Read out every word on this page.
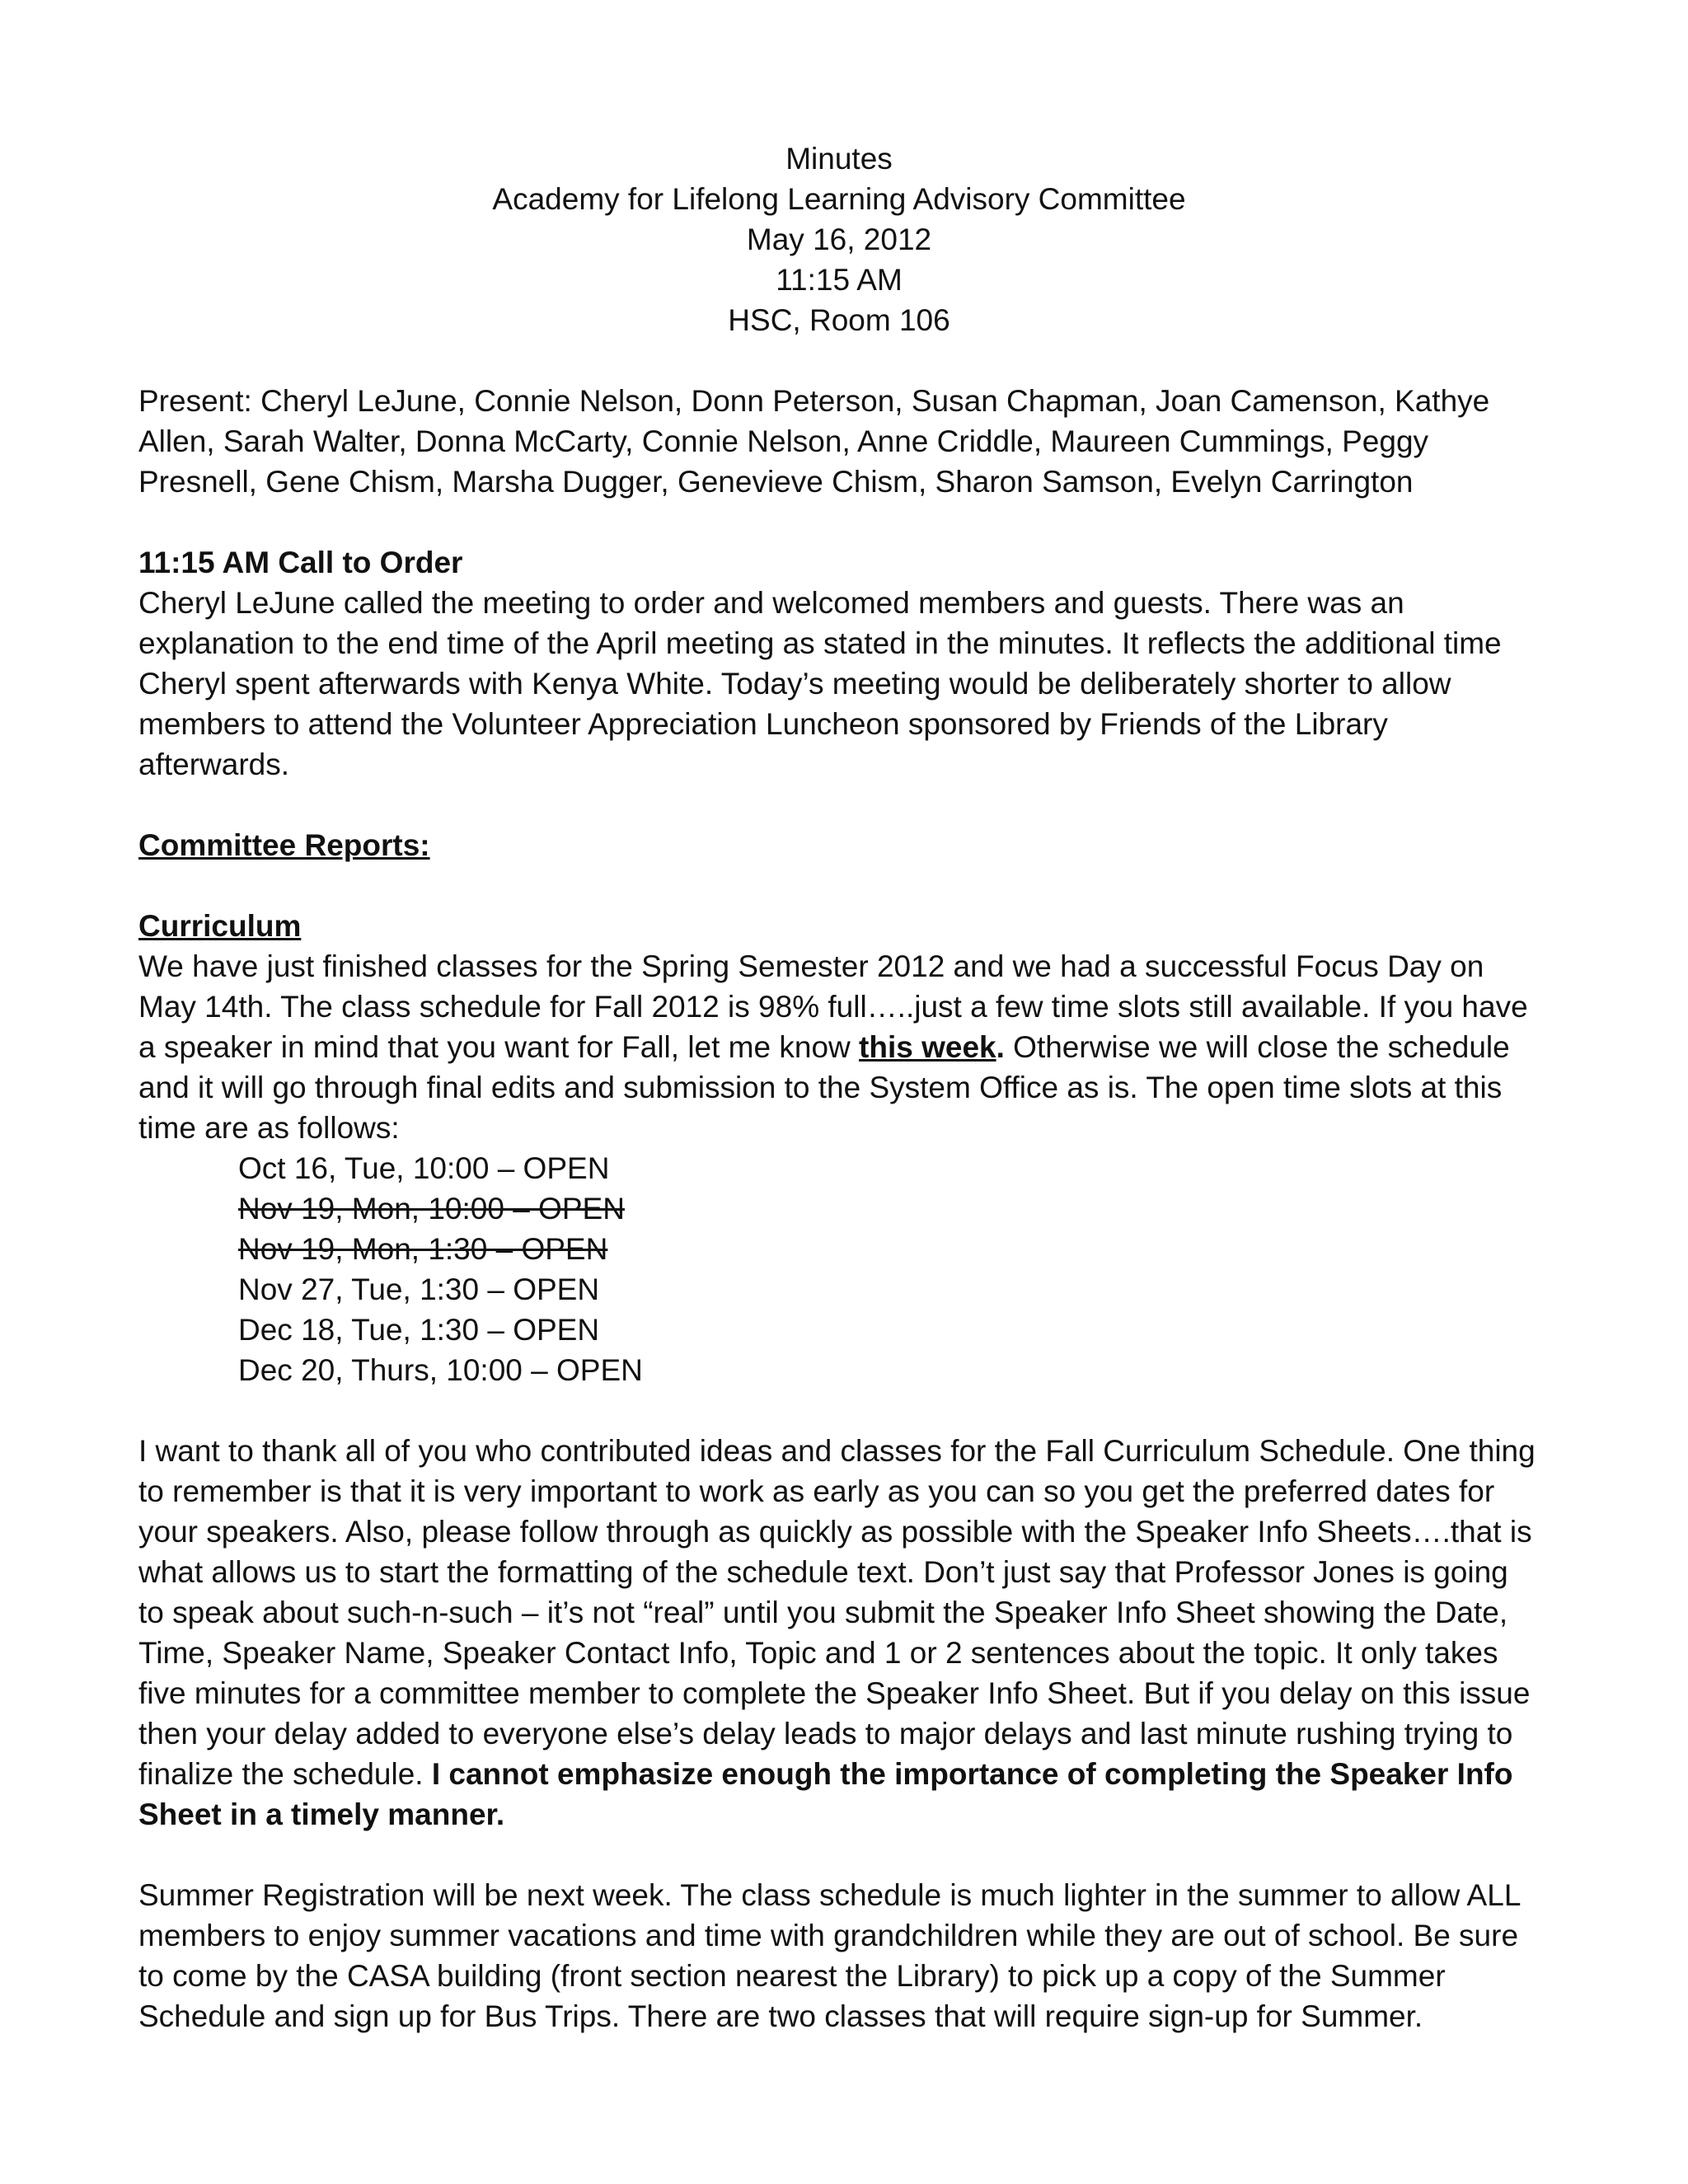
Minutes
Academy for Lifelong Learning Advisory Committee
May 16, 2012
11:15 AM
HSC, Room 106

Present: Cheryl LeJune, Connie Nelson, Donn Peterson, Susan Chapman, Joan Camenson, Kathye Allen, Sarah Walter, Donna McCarty, Connie Nelson, Anne Criddle, Maureen Cummings, Peggy Presnell, Gene Chism, Marsha Dugger, Genevieve Chism, Sharon Samson, Evelyn Carrington

11:15 AM Call to Order

Cheryl LeJune called the meeting to order and welcomed members and guests. There was an explanation to the end time of the April meeting as stated in the minutes. It reflects the additional time Cheryl spent afterwards with Kenya White. Today’s meeting would be deliberately shorter to allow members to attend the Volunteer Appreciation Luncheon sponsored by Friends of the Library afterwards.

Committee Reports:

Curriculum

We have just finished classes for the Spring Semester 2012 and we had a successful Focus Day on May 14th. The class schedule for Fall 2012 is 98% full…..just a few time slots still available. If you have a speaker in mind that you want for Fall, let me know this week. Otherwise we will close the schedule and it will go through final edits and submission to the System Office as is. The open time slots at this time are as follows:

Oct 16, Tue, 10:00 – OPEN
Nov 19, Mon, 10:00 – OPEN
Nov 19, Mon, 1:30 – OPEN
Nov 27, Tue, 1:30 – OPEN
Dec 18, Tue, 1:30 – OPEN
Dec 20, Thurs, 10:00 – OPEN

I want to thank all of you who contributed ideas and classes for the Fall Curriculum Schedule. One thing to remember is that it is very important to work as early as you can so you get the preferred dates for your speakers. Also, please follow through as quickly as possible with the Speaker Info Sheets….that is what allows us to start the formatting of the schedule text. Don’t just say that Professor Jones is going to speak about such-n-such – it’s not “real” until you submit the Speaker Info Sheet showing the Date, Time, Speaker Name, Speaker Contact Info, Topic and 1 or 2 sentences about the topic. It only takes five minutes for a committee member to complete the Speaker Info Sheet. But if you delay on this issue then your delay added to everyone else’s delay leads to major delays and last minute rushing trying to finalize the schedule. I cannot emphasize enough the importance of completing the Speaker Info Sheet in a timely manner.

Summer Registration will be next week. The class schedule is much lighter in the summer to allow ALL members to enjoy summer vacations and time with grandchildren while they are out of school. Be sure to come by the CASA building (front section nearest the Library) to pick up a copy of the Summer Schedule and sign up for Bus Trips. There are two classes that will require sign-up for Summer.
